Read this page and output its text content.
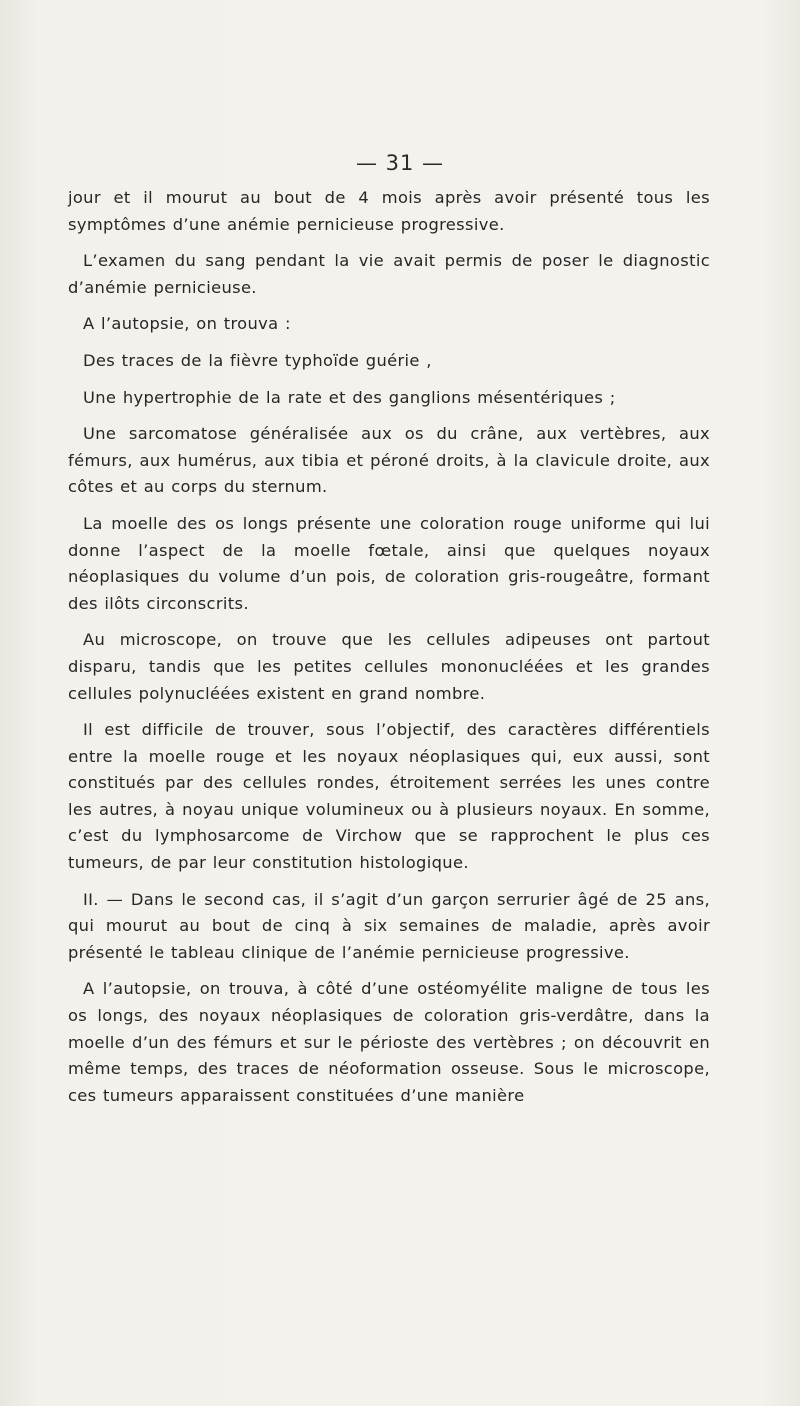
— 31 —

jour et il mourut au bout de 4 mois après avoir présenté tous les symptômes d’une anémie pernicieuse progressive.

L’examen du sang pendant la vie avait permis de poser le diagnostic d’anémie pernicieuse.

A l’autopsie, on trouva :

Des traces de la fièvre typhoïde guérie ,

Une hypertrophie de la rate et des ganglions mésentériques ;

Une sarcomatose généralisée aux os du crâne, aux vertèbres, aux fémurs, aux humérus, aux tibia et péroné droits, à la clavicule droite, aux côtes et au corps du sternum.

La moelle des os longs présente une coloration rouge uniforme qui lui donne l’aspect de la moelle fœtale, ainsi que quelques noyaux néoplasiques du volume d’un pois, de coloration gris-rougeâtre, formant des ilôts circonscrits.

Au microscope, on trouve que les cellules adipeuses ont partout disparu, tandis que les petites cellules mononucléées et les grandes cellules polynucléées existent en grand nombre.

Il est difficile de trouver, sous l’objectif, des caractères différentiels entre la moelle rouge et les noyaux néoplasiques qui, eux aussi, sont constitués par des cellules rondes, étroitement serrées les unes contre les autres, à noyau unique volumineux ou à plusieurs noyaux. En somme, c’est du lymphosarcome de Virchow que se rapprochent le plus ces tumeurs, de par leur constitution histologique.

II. — Dans le second cas, il s’agit d’un garçon serrurier âgé de 25 ans, qui mourut au bout de cinq à six semaines de maladie, après avoir présenté le tableau clinique de l’anémie pernicieuse progressive.

A l’autopsie, on trouva, à côté d’une ostéomyélite maligne de tous les os longs, des noyaux néoplasiques de coloration gris-verdâtre, dans la moelle d’un des fémurs et sur le périoste des vertèbres ; on découvrit en même temps, des traces de néoformation osseuse. Sous le microscope, ces tumeurs apparaissent constituées d’une manière
